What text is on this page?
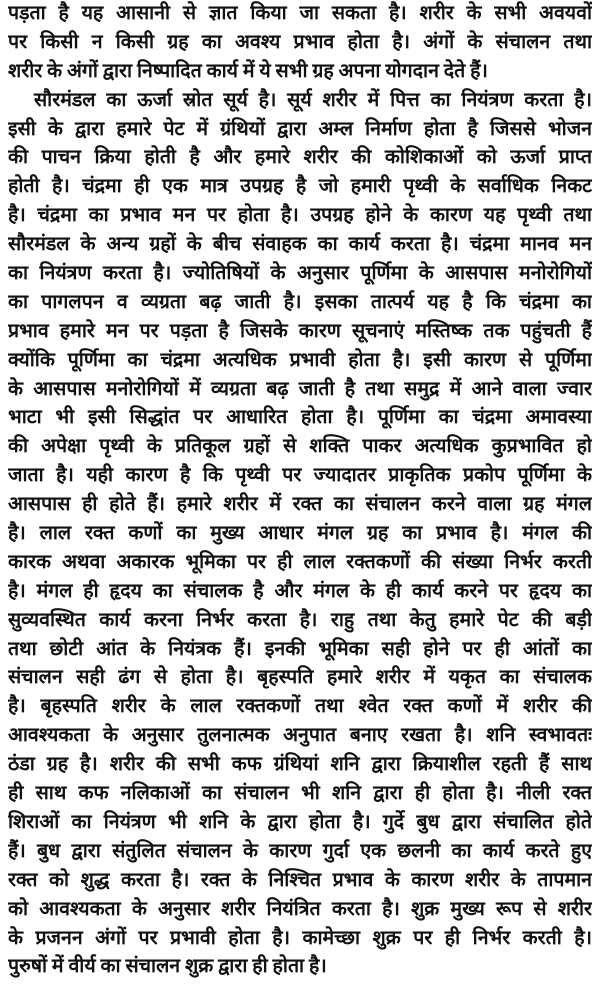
पड़ता है यह आसानी से ज्ञात किया जा सकता है। शरीर के सभी अवयवों
पर किसी न किसी ग्रह का अवश्य प्रभाव होता है। अंगों के संचालन तथा
शरीर के अंगों द्वारा निष्पादित कार्य में ये सभी ग्रह अपना योगदान देते हैं।
सौरमंडल का ऊर्जा स्रोत सूर्य है। सूर्य शरीर में पित्त का नियंत्रण करता है।
इसी के द्वारा हमारे पेट में ग्रंथियों द्वारा अम्ल निर्माण होता है जिससे भोजन
की पाचन क्रिया होती है और हमारे शरीर की कोशिकाओं को ऊर्जा प्राप्त
होती है। चंद्रमा ही एक मात्र उपग्रह है जो हमारी पृथ्वी के सर्वाधिक निकट
है। चंद्रमा का प्रभाव मन पर होता है। उपग्रह होने के कारण यह पृथ्वी तथा
सौरमंडल के अन्य ग्रहों के बीच संवाहक का कार्य करता है। चंद्रमा मानव मन
का नियंत्रण करता है। ज्योतिषियों के अनुसार पूर्णिमा के आसपास मनोरोगियों
का पागलपन व व्यग्रता बढ़ जाती है। इसका तात्पर्य यह है कि चंद्रमा का
प्रभाव हमारे मन पर पड़ता है जिसके कारण सूचनाएं मस्तिष्क तक पहुंचती हैं
क्योंकि पूर्णिमा का चंद्रमा अत्यधिक प्रभावी होता है। इसी कारण से पूर्णिमा
के आसपास मनोरोगियों में व्यग्रता बढ़ जाती है तथा समुद्र में आने वाला ज्वार
भाटा भी इसी सिद्धांत पर आधारित होता है। पूर्णिमा का चंद्रमा अमावस्या
की अपेक्षा पृथ्वी के प्रतिकूल ग्रहों से शक्ति पाकर अत्यधिक कुप्रभावित हो
जाता है। यही कारण है कि पृथ्वी पर ज्यादातर प्राकृतिक प्रकोप पूर्णिमा के
आसपास ही होते हैं। हमारे शरीर में रक्त का संचालन करने वाला ग्रह मंगल
है। लाल रक्त कणों का मुख्य आधार मंगल ग्रह का प्रभाव है। मंगल की
कारक अथवा अकारक भूमिका पर ही लाल रक्तकणों की संख्या निर्भर करती
है। मंगल ही हृदय का संचालक है और मंगल के ही कार्य करने पर हृदय का
सुव्यवस्थित कार्य करना निर्भर करता है। राहु तथा केतु हमारे पेट की बड़ी
तथा छोटी आंत के नियंत्रक हैं। इनकी भूमिका सही होने पर ही आंतों का
संचालन सही ढंग से होता है। बृहस्पति हमारे शरीर में यकृत का संचालक
है। बृहस्पति शरीर के लाल रक्तकणों तथा श्वेत रक्त कणों में शरीर की
आवश्यकता के अनुसार तुलनात्मक अनुपात बनाए रखता है। शनि स्वभावतः
ठंडा ग्रह है। शरीर की सभी कफ ग्रंथियां शनि द्वारा क्रियाशील रहती हैं साथ
ही साथ कफ नलिकाओं का संचालन भी शनि द्वारा ही होता है। नीली रक्त
शिराओं का नियंत्रण भी शनि के द्वारा होता है। गुर्दे बुध द्वारा संचालित होते
हैं। बुध द्वारा संतुलित संचालन के कारण गुर्दा एक छलनी का कार्य करते हुए
रक्त को शुद्ध करता है। रक्त के निश्चित प्रभाव के कारण शरीर के तापमान
को आवश्यकता के अनुसार शरीर नियंत्रित करता है। शुक्र मुख्य रूप से शरीर
के प्रजनन अंगों पर प्रभावी होता है। कामेच्छा शुक्र पर ही निर्भर करती है।
पुरुषों में वीर्य का संचालन शुक्र द्वारा ही होता है।
